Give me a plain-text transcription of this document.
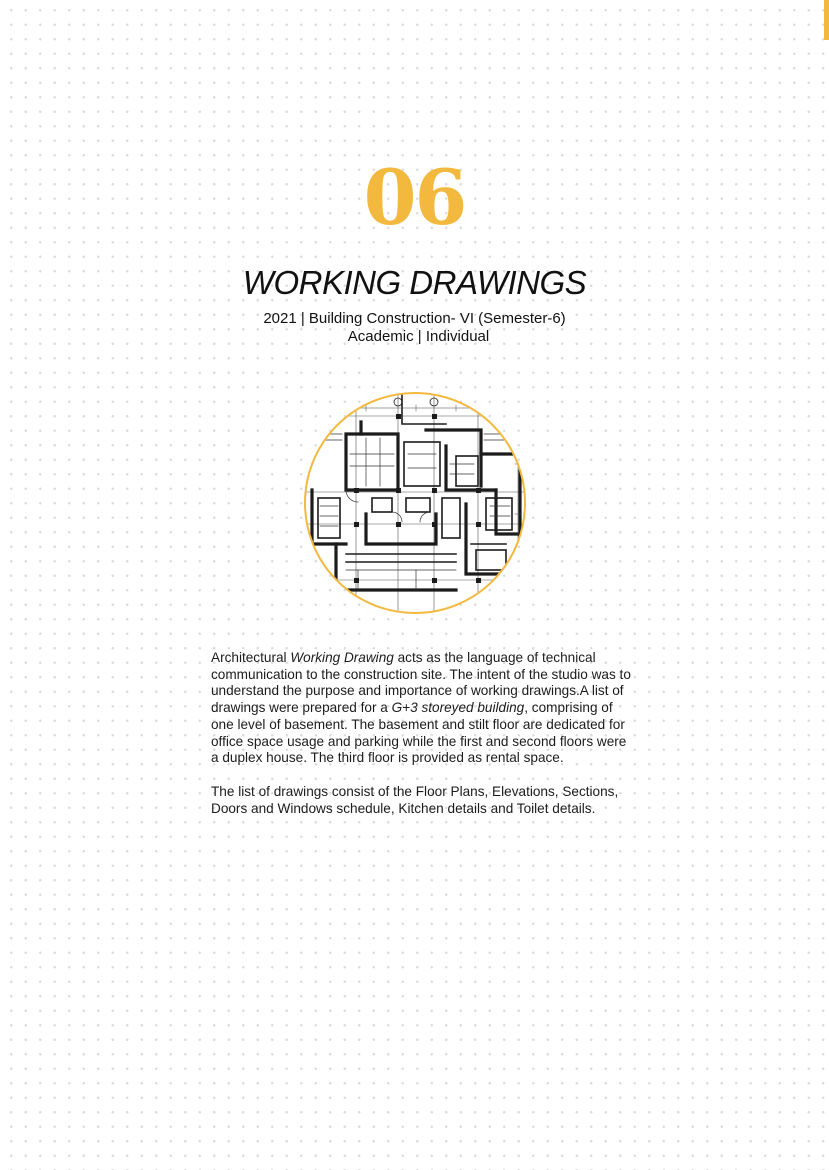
06
WORKING DRAWINGS
2021 | Building Construction- VI (Semester-6)
Academic | Individual

Architectural Working Drawing acts as the language of technical communication to the construction site. The intent of the studio was to understand the purpose and importance of working drawings.A list of drawings were prepared for a G+3 storeyed building, comprising of one level of basement. The basement and stilt floor are dedicated for office space usage and parking while the first and second floors were a duplex house. The third floor is provided as rental space.

The list of drawings consist of the Floor Plans, Elevations, Sections, Doors and Windows schedule, Kitchen details and Toilet details.
